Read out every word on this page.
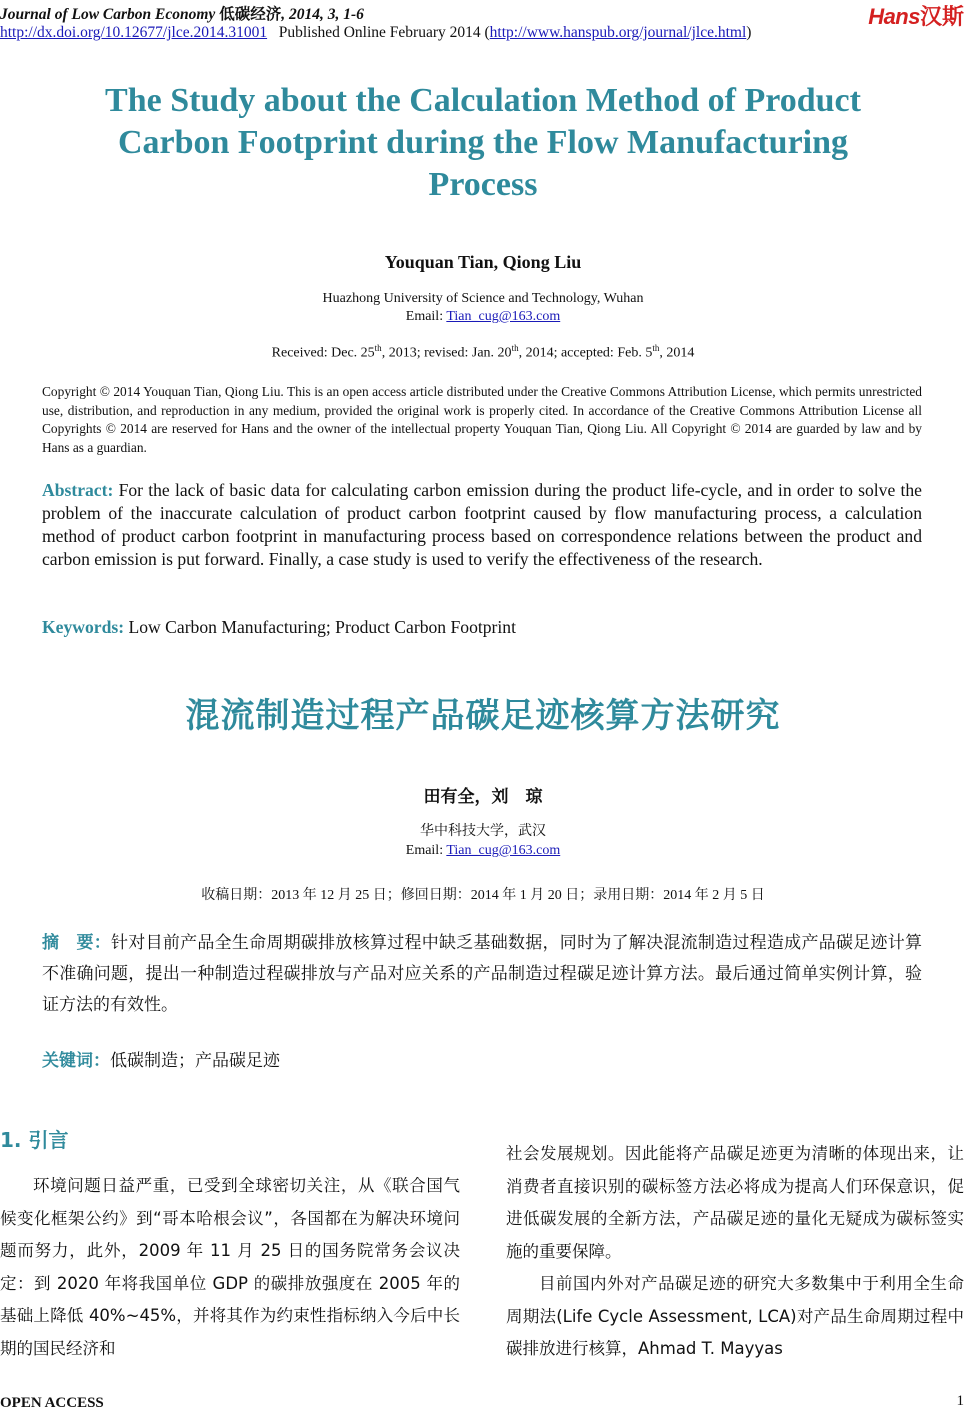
Journal of Low Carbon Economy 低碳经济, 2014, 3, 1-6
http://dx.doi.org/10.12677/jlce.2014.31001 Published Online February 2014 (http://www.hanspub.org/journal/jlce.html)
Hans汉斯
The Study about the Calculation Method of Product Carbon Footprint during the Flow Manufacturing Process
Youquan Tian, Qiong Liu
Huazhong University of Science and Technology, Wuhan
Email: Tian_cug@163.com
Received: Dec. 25th, 2013; revised: Jan. 20th, 2014; accepted: Feb. 5th, 2014
Copyright © 2014 Youquan Tian, Qiong Liu. This is an open access article distributed under the Creative Commons Attribution License, which permits unrestricted use, distribution, and reproduction in any medium, provided the original work is properly cited. In accordance of the Creative Commons Attribution License all Copyrights © 2014 are reserved for Hans and the owner of the intellectual property Youquan Tian, Qiong Liu. All Copyright © 2014 are guarded by law and by Hans as a guardian.
Abstract: For the lack of basic data for calculating carbon emission during the product life-cycle, and in order to solve the problem of the inaccurate calculation of product carbon footprint caused by flow manufacturing process, a calculation method of product carbon footprint in manufacturing process based on correspondence relations between the product and carbon emission is put forward. Finally, a case study is used to verify the effectiveness of the research.
Keywords: Low Carbon Manufacturing; Product Carbon Footprint
混流制造过程产品碳足迹核算方法研究
田有全，刘　琼
华中科技大学，武汉
Email: Tian_cug@163.com
收稿日期：2013 年 12 月 25 日；修回日期：2014 年 1 月 20 日；录用日期：2014 年 2 月 5 日
摘　要：针对目前产品全生命周期碳排放核算过程中缺乏基础数据，同时为了解决混流制造过程造成产品碳足迹计算不准确问题，提出一种制造过程碳排放与产品对应关系的产品制造过程碳足迹计算方法。最后通过简单实例计算，验证方法的有效性。
关键词：低碳制造；产品碳足迹
1. 引言

环境问题日益严重，已受到全球密切关注，从《联合国气候变化框架公约》到“哥本哈根会议”，各国都在为解决环境问题而努力，此外，2009 年 11 月 25 日的国务院常务会议决定：到 2020 年将我国单位 GDP 的碳排放强度在 2005 年的基础上降低 40%~45%，并将其作为约束性指标纳入今后中长期的国民经济和

社会发展规划。因此能将产品碳足迹更为清晰的体现出来，让消费者直接识别的碳标签方法必将成为提高人们环保意识，促进低碳发展的全新方法，产品碳足迹的量化无疑成为碳标签实施的重要保障。

目前国内外对产品碳足迹的研究大多数集中于利用全生命周期法(Life Cycle Assessment, LCA)对产品生命周期过程中碳排放进行核算，Ahmad T. Mayyas

OPEN ACCESS	1
